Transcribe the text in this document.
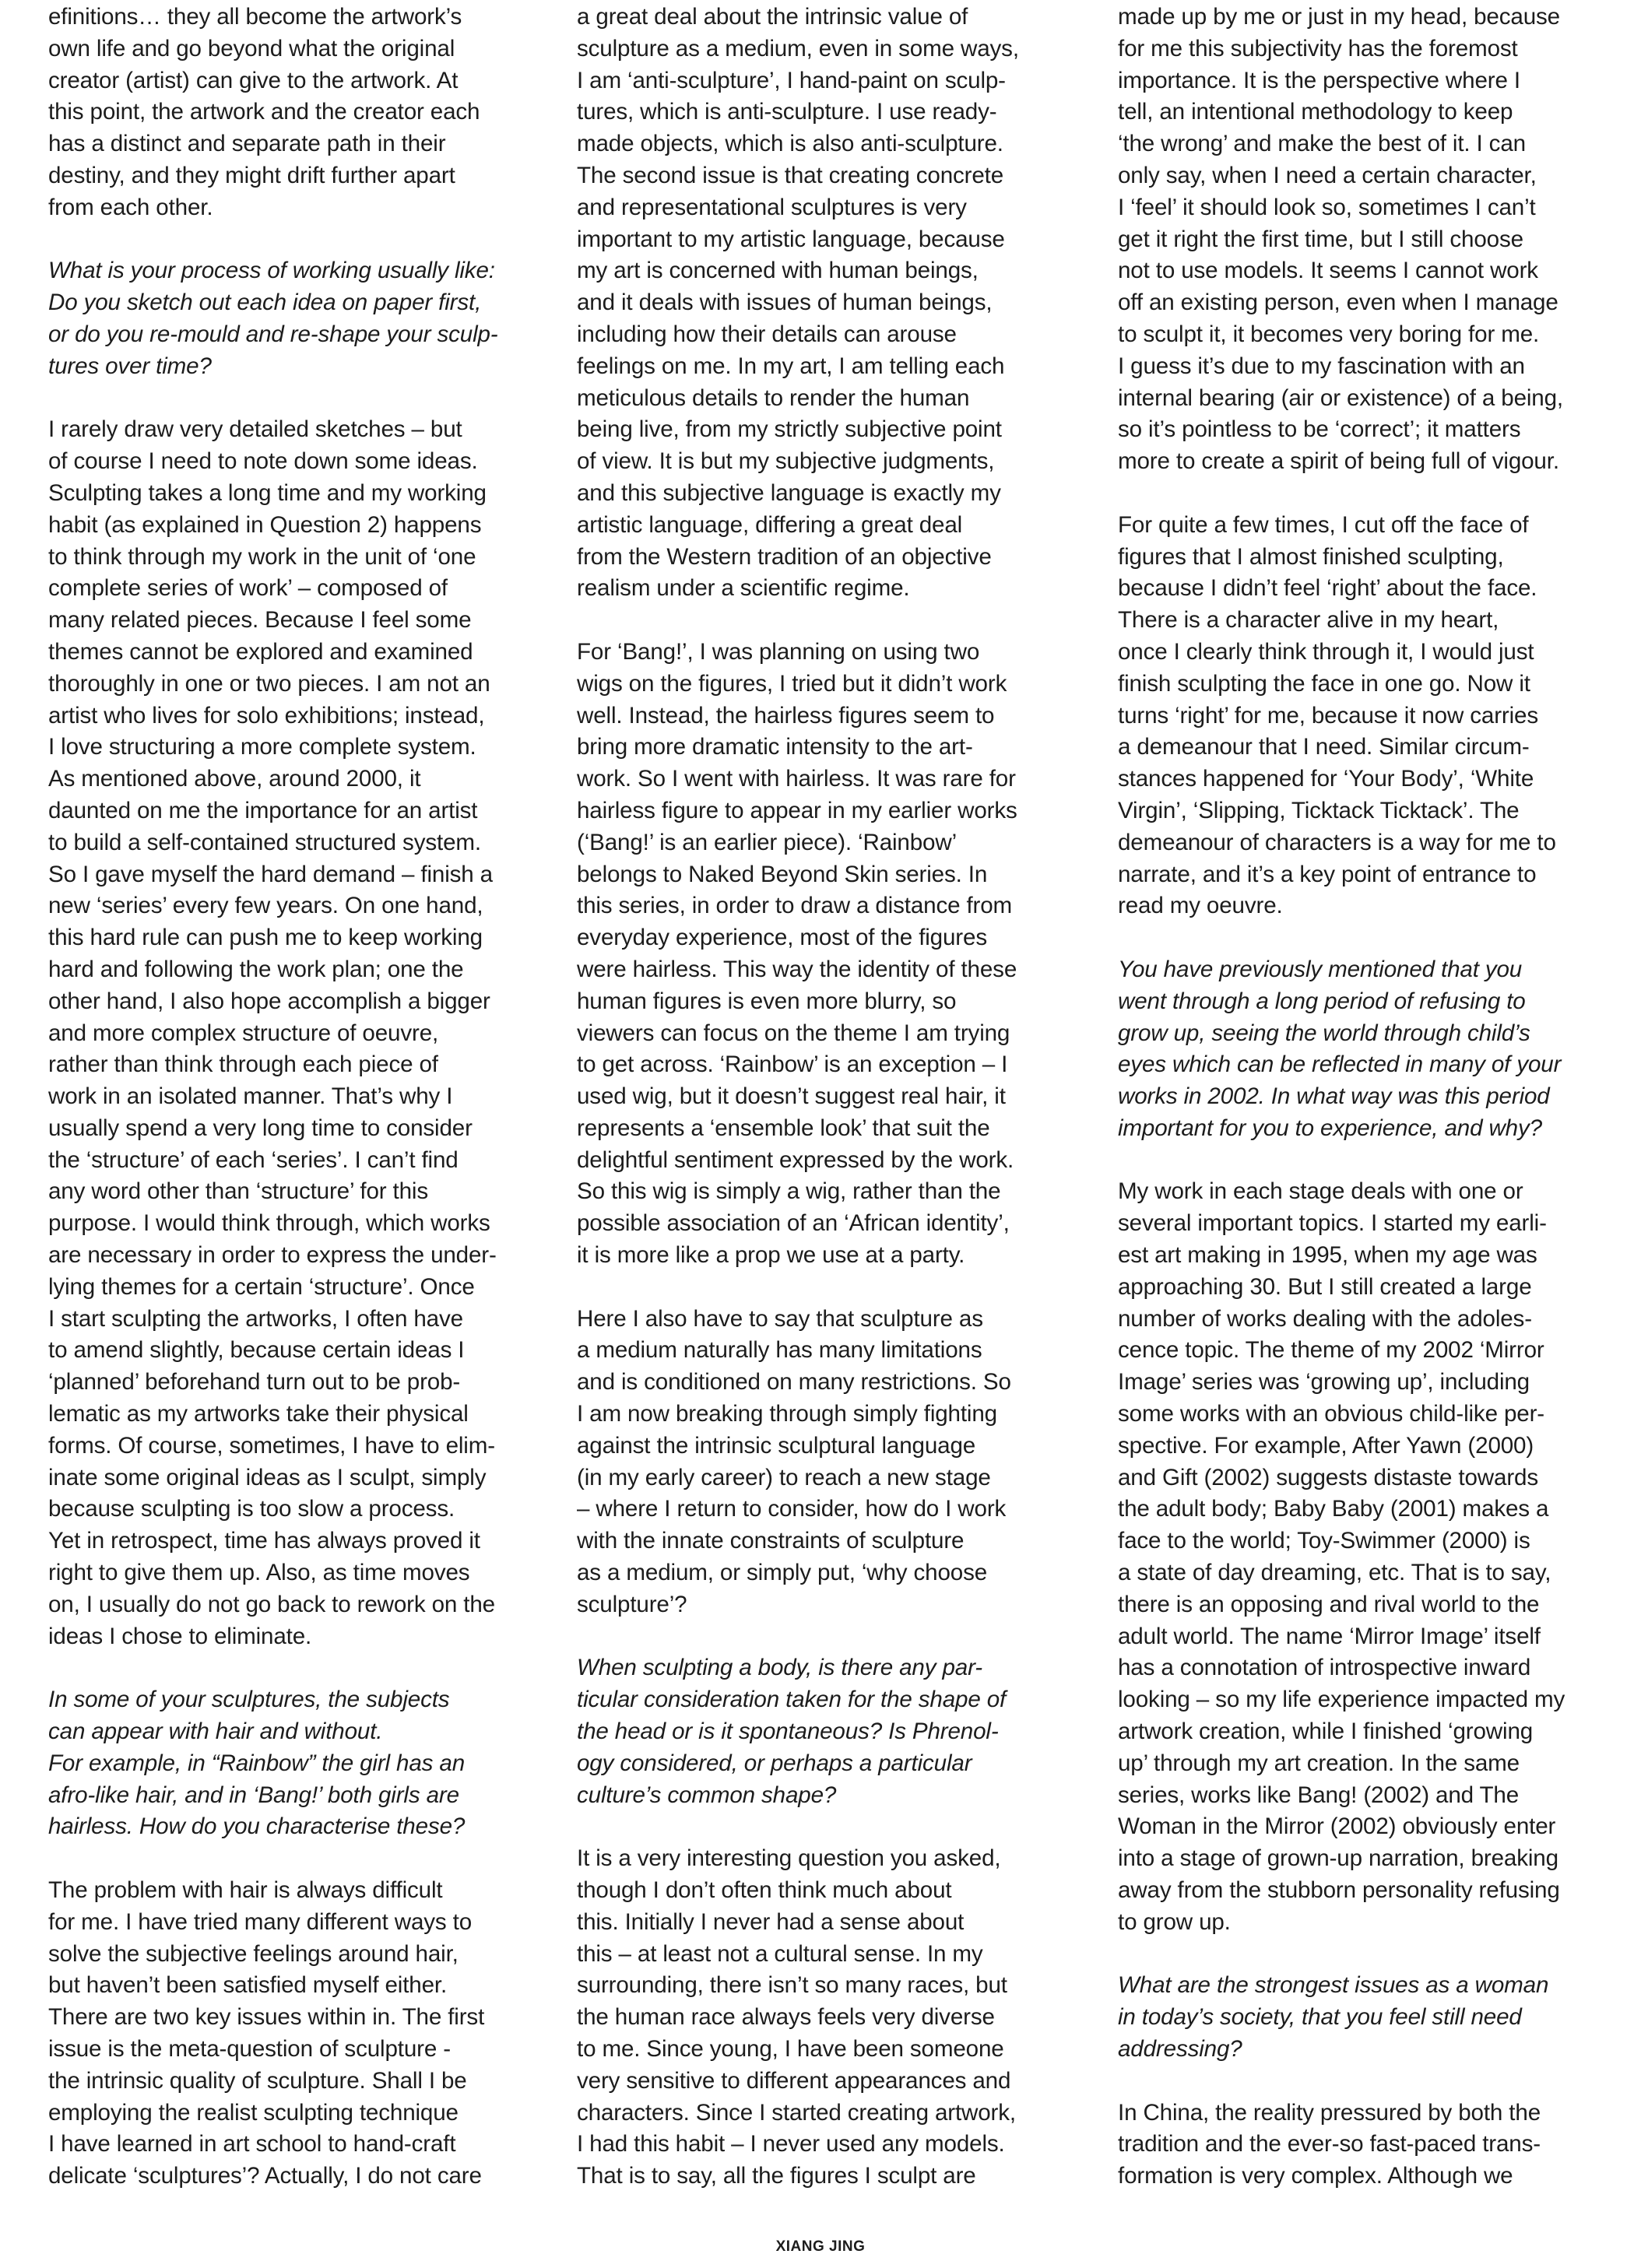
efinitions… they all become the artwork’s
own life and go beyond what the original
creator (artist) can give to the artwork. At
this point, the artwork and the creator each
has a distinct and separate path in their
destiny, and they might drift further apart
from each other.

What is your process of working usually like:
Do you sketch out each idea on paper first,
or do you re-mould and re-shape your sculp-
tures over time?

I rarely draw very detailed sketches – but
of course I need to note down some ideas.
Sculpting takes a long time and my working
habit (as explained in Question 2) happens
to think through my work in the unit of ‘one
complete series of work’ – composed of
many related pieces. Because I feel some
themes cannot be explored and examined
thoroughly in one or two pieces. I am not an
artist who lives for solo exhibitions; instead,
I love structuring a more complete system.
As mentioned above, around 2000, it
daunted on me the importance for an artist
to build a self-contained structured system.
So I gave myself the hard demand – finish a
new ‘series’ every few years. On one hand,
this hard rule can push me to keep working
hard and following the work plan; one the
other hand, I also hope accomplish a bigger
and more complex structure of oeuvre,
rather than think through each piece of
work in an isolated manner. That’s why I
usually spend a very long time to consider
the ‘structure’ of each ‘series’. I can’t find
any word other than ‘structure’ for this
purpose. I would think through, which works
are necessary in order to express the under-
lying themes for a certain ‘structure’. Once
I start sculpting the artworks, I often have
to amend slightly, because certain ideas I
‘planned’ beforehand turn out to be prob-
lematic as my artworks take their physical
forms. Of course, sometimes, I have to elim-
inate some original ideas as I sculpt, simply
because sculpting is too slow a process.
Yet in retrospect, time has always proved it
right to give them up. Also, as time moves
on, I usually do not go back to rework on the
ideas I chose to eliminate.

In some of your sculptures, the subjects
can appear with hair and without.
For example, in “Rainbow” the girl has an
afro-like hair, and in ‘Bang!’ both girls are
hairless. How do you characterise these?

The problem with hair is always difficult
for me. I have tried many different ways to
solve the subjective feelings around hair,
but haven’t been satisfied myself either.
There are two key issues within in. The first
issue is the meta-question of sculpture -
the intrinsic quality of sculpture. Shall I be
employing the realist sculpting technique
I have learned in art school to hand-craft
delicate ‘sculptures’? Actually, I do not care

a great deal about the intrinsic value of
sculpture as a medium, even in some ways,
I am ‘anti-sculpture’, I hand-paint on sculp-
tures, which is anti-sculpture. I use ready-
made objects, which is also anti-sculpture.
The second issue is that creating concrete
and representational sculptures is very
important to my artistic language, because
my art is concerned with human beings,
and it deals with issues of human beings,
including how their details can arouse
feelings on me. In my art, I am telling each
meticulous details to render the human
being live, from my strictly subjective point
of view. It is but my subjective judgments,
and this subjective language is exactly my
artistic language, differing a great deal
from the Western tradition of an objective
realism under a scientific regime.

For ‘Bang!’, I was planning on using two
wigs on the figures, I tried but it didn’t work
well. Instead, the hairless figures seem to
bring more dramatic intensity to the art-
work. So I went with hairless. It was rare for
hairless figure to appear in my earlier works
(‘Bang!’ is an earlier piece). ‘Rainbow’
belongs to Naked Beyond Skin series. In
this series, in order to draw a distance from
everyday experience, most of the figures
were hairless. This way the identity of these
human figures is even more blurry, so
viewers can focus on the theme I am trying
to get across. ‘Rainbow’ is an exception – I
used wig, but it doesn’t suggest real hair, it
represents a ‘ensemble look’ that suit the
delightful sentiment expressed by the work.
So this wig is simply a wig, rather than the
possible association of an ‘African identity’,
it is more like a prop we use at a party.

Here I also have to say that sculpture as
a medium naturally has many limitations
and is conditioned on many restrictions. So
I am now breaking through simply fighting
against the intrinsic sculptural language
(in my early career) to reach a new stage
– where I return to consider, how do I work
with the innate constraints of sculpture
as a medium, or simply put, ‘why choose
sculpture’?

When sculpting a body, is there any par-
ticular consideration taken for the shape of
the head or is it spontaneous? Is Phrenol-
ogy considered, or perhaps a particular
culture’s common shape?

It is a very interesting question you asked,
though I don’t often think much about
this. Initially I never had a sense about
this – at least not a cultural sense. In my
surrounding, there isn’t so many races, but
the human race always feels very diverse
to me. Since young, I have been someone
very sensitive to different appearances and
characters. Since I started creating artwork,
I had this habit – I never used any models.
That is to say, all the figures I sculpt are

made up by me or just in my head, because
for me this subjectivity has the foremost
importance. It is the perspective where I
tell, an intentional methodology to keep
‘the wrong’ and make the best of it. I can
only say, when I need a certain character,
I ‘feel’ it should look so, sometimes I can’t
get it right the first time, but I still choose
not to use models. It seems I cannot work
off an existing person, even when I manage
to sculpt it, it becomes very boring for me.
I guess it’s due to my fascination with an
internal bearing (air or existence) of a being,
so it’s pointless to be ‘correct’; it matters
more to create a spirit of being full of vigour.

For quite a few times, I cut off the face of
figures that I almost finished sculpting,
because I didn’t feel ‘right’ about the face.
There is a character alive in my heart,
once I clearly think through it, I would just
finish sculpting the face in one go. Now it
turns ‘right’ for me, because it now carries
a demeanour that I need. Similar circum-
stances happened for ‘Your Body’, ‘White
Virgin’, ‘Slipping, Ticktack Ticktack’. The
demeanour of characters is a way for me to
narrate, and it’s a key point of entrance to
read my oeuvre.

You have previously mentioned that you
went through a long period of refusing to
grow up, seeing the world through child’s
eyes which can be reflected in many of your
works in 2002. In what way was this period
important for you to experience, and why?

My work in each stage deals with one or
several important topics. I started my earli-
est art making in 1995, when my age was
approaching 30. But I still created a large
number of works dealing with the adoles-
cence topic. The theme of my 2002 ‘Mirror
Image’ series was ‘growing up’, including
some works with an obvious child-like per-
spective. For example, After Yawn (2000)
and Gift (2002) suggests distaste towards
the adult body; Baby Baby (2001) makes a
face to the world; Toy-Swimmer (2000) is
a state of day dreaming, etc. That is to say,
there is an opposing and rival world to the
adult world. The name ‘Mirror Image’ itself
has a connotation of introspective inward
looking – so my life experience impacted my
artwork creation, while I finished ‘growing
up’ through my art creation. In the same
series, works like Bang! (2002) and The
Woman in the Mirror (2002) obviously enter
into a stage of grown-up narration, breaking
away from the stubborn personality refusing
to grow up.

What are the strongest issues as a woman
in today’s society, that you feel still need
addressing?

In China, the reality pressured by both the
tradition and the ever-so fast-paced trans-
formation is very complex. Although we

XIANG JING
